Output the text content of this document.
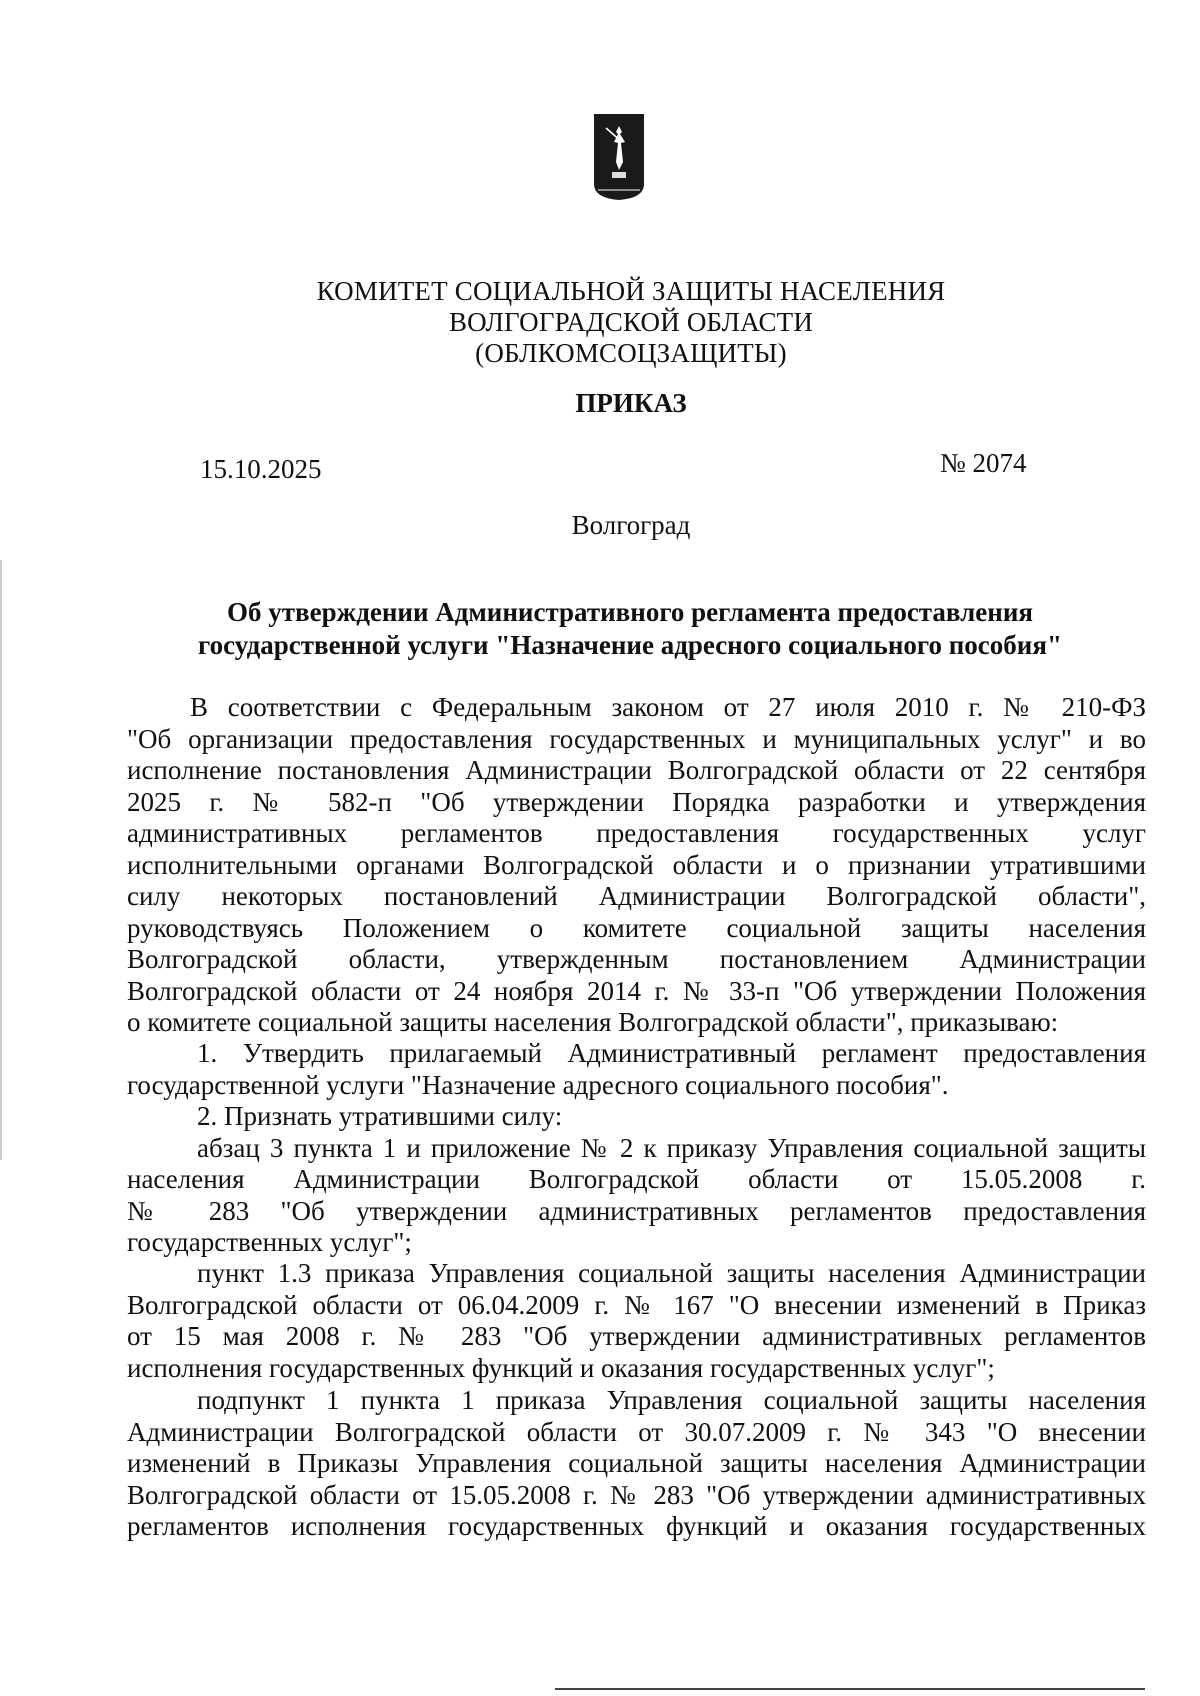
КОМИТЕТ СОЦИАЛЬНОЙ ЗАЩИТЫ НАСЕЛЕНИЯ
ВОЛГОГРАДСКОЙ ОБЛАСТИ
(ОБЛКОМСОЦЗАЩИТЫ)
ПРИКАЗ
15.10.2025	№ 2074
Волгоград
Об утверждении Административного регламента предоставления
государственной услуги "Назначение адресного социального пособия"
В соответствии с Федеральным законом от 27 июля 2010 г. № 210-ФЗ
"Об организации предоставления государственных и муниципальных услуг" и во
исполнение постановления Администрации Волгоградской области от 22 сентября
2025 г. № 582-п "Об утверждении Порядка разработки и утверждения
административных регламентов предоставления государственных услуг
исполнительными органами Волгоградской области и о признании утратившими
силу некоторых постановлений Администрации Волгоградской области",
руководствуясь Положением о комитете социальной защиты населения
Волгоградской области, утвержденным постановлением Администрации
Волгоградской области от 24 ноября 2014 г. № 33-п "Об утверждении Положения
о комитете социальной защиты населения Волгоградской области", приказываю:
1. Утвердить прилагаемый Административный регламент предоставления
государственной услуги "Назначение адресного социального пособия".
2. Признать утратившими силу:
абзац 3 пункта 1 и приложение № 2 к приказу Управления социальной защиты
населения Администрации Волгоградской области от 15.05.2008 г.
№ 283 "Об утверждении административных регламентов предоставления
государственных услуг";
пункт 1.3 приказа Управления социальной защиты населения Администрации
Волгоградской области от 06.04.2009 г. № 167 "О внесении изменений в Приказ
от 15 мая 2008 г. № 283 "Об утверждении административных регламентов
исполнения государственных функций и оказания государственных услуг";
подпункт 1 пункта 1 приказа Управления социальной защиты населения
Администрации Волгоградской области от 30.07.2009 г. № 343 "О внесении
изменений в Приказы Управления социальной защиты населения Администрации
Волгоградской области от 15.05.2008 г. № 283 "Об утверждении административных
регламентов исполнения государственных функций и оказания государственных
